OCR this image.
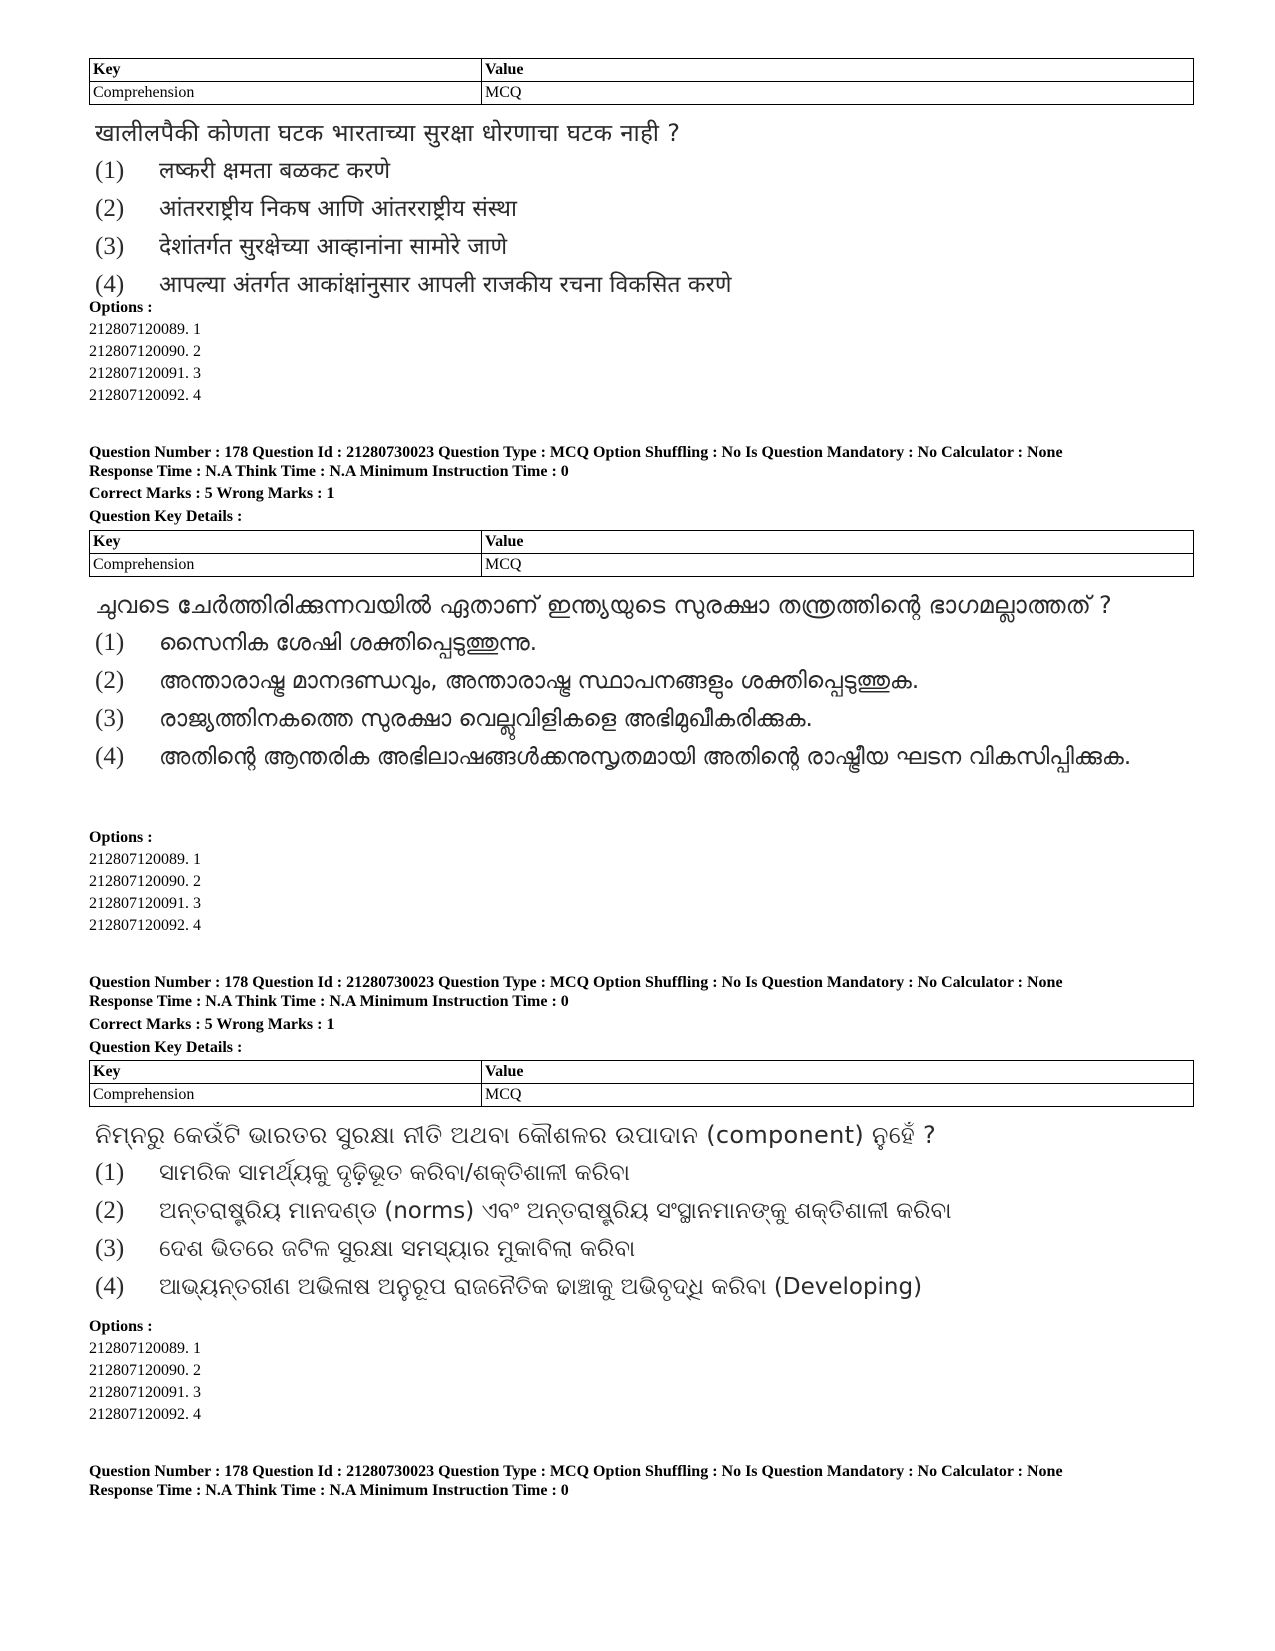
Key	Value
Comprehension	MCQ

खालीलपैकी कोणता घटक भारताच्या सुरक्षा धोरणाचा घटक नाही ?

(1)	लष्करी क्षमता बळकट करणे
(2)	आंतरराष्ट्रीय निकष आणि आंतरराष्ट्रीय संस्था
(3)	देशांतर्गत सुरक्षेच्या आव्हानांना सामोरे जाणे
(4)	आपल्या अंतर्गत आकांक्षांनुसार आपली राजकीय रचना विकसित करणे
Options :
212807120089. 1
212807120090. 2
212807120091. 3
212807120092. 4
Question Number : 178 Question Id : 21280730023 Question Type : MCQ Option Shuffling : No Is Question Mandatory : No Calculator : None
Response Time : N.A Think Time : N.A Minimum Instruction Time : 0
Correct Marks : 5 Wrong Marks : 1
Question Key Details :
Key	Value
Comprehension	MCQ

ചുവടെ ചേർത്തിരിക്കുന്നവയിൽ ഏതാണ് ഇന്ത്യയുടെ സുരക്ഷാ തന്ത്രത്തിന്റെ ഭാഗമല്ലാത്തത് ?

(1)	സൈനിക ശേഷി ശക്തിപ്പെടുത്തുന്നു.
(2)	അന്താരാഷ്ട്ര മാനദണ്ഡവും, അന്താരാഷ്ട്ര സ്ഥാപനങ്ങളും ശക്തിപ്പെടുത്തുക.
(3)	രാജ്യത്തിനകത്തെ സുരക്ഷാ വെല്ലുവിളികളെ അഭിമുഖീകരിക്കുക.
(4)	അതിന്റെ ആന്തരിക അഭിലാഷങ്ങൾക്കനുസൃതമായി അതിന്റെ രാഷ്ട്രീയ ഘടന വികസിപ്പിക്കുക.
Options :
212807120089. 1
212807120090. 2
212807120091. 3
212807120092. 4
Question Number : 178 Question Id : 21280730023 Question Type : MCQ Option Shuffling : No Is Question Mandatory : No Calculator : None
Response Time : N.A Think Time : N.A Minimum Instruction Time : 0
Correct Marks : 5 Wrong Marks : 1
Question Key Details :
Key	Value
Comprehension	MCQ

ନିମ୍ନରୁ କେଉଁଟି ଭାରତର ସୁରକ୍ଷା ନୀତି ଅଥବା କୌଶଳର ଉପାଦାନ (component) ନୁହେଁ ?

(1)	ସାମରିକ ସାମର୍ଥ୍ୟକୁ ଦୃଢ଼ିଭୂତ କରିବା/ଶକ୍ତିଶାଳୀ କରିବା
(2)	ଅନ୍ତରାଷ୍ଟ୍ରିୟ ମାନଦଣ୍ଡ (norms) ଏବଂ ଅନ୍ତରାଷ୍ଟ୍ରିୟ ସଂସ୍ଥାନମାନଙ୍କୁ ଶକ୍ତିଶାଳୀ କରିବା
(3)	ଦେଶ ଭିତରେ ଜଟିଳ ସୁରକ୍ଷା ସମସ୍ୟାର ମୁକାବିଲା କରିବା
(4)	ଆଭ୍ୟନ୍ତରୀଣ ଅଭିଳାଷ ଅନୁରୂପ ରାଜନୈତିକ ଢାଞ୍ଚାକୁ ଅଭିବୃଦ୍ଧି କରିବା (Developing)
Options :
212807120089. 1
212807120090. 2
212807120091. 3
212807120092. 4
Question Number : 178 Question Id : 21280730023 Question Type : MCQ Option Shuffling : No Is Question Mandatory : No Calculator : None
Response Time : N.A Think Time : N.A Minimum Instruction Time : 0
